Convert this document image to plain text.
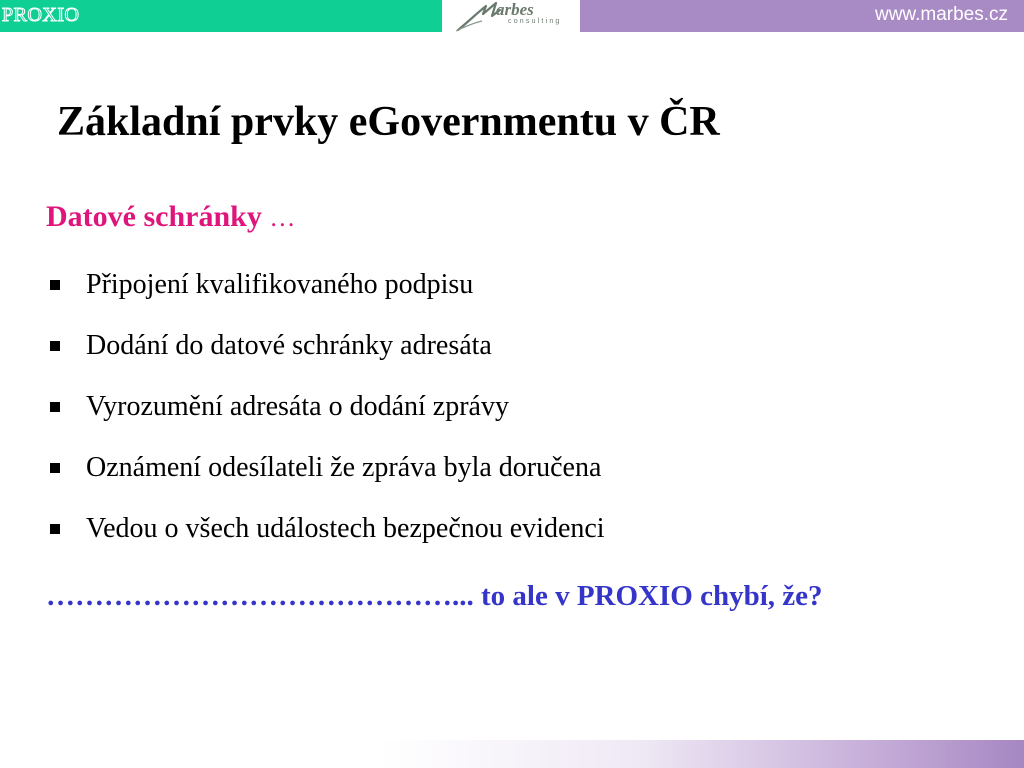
PROXIO	arbes
consulting	www.marbes.cz
Základní prvky eGovernmentu v ČR
Datové schránky …
Připojení kvalifikovaného podpisu
Dodání do datové schránky adresáta
Vyrozumění adresáta o dodání zprávy
Oznámení odesílateli že zpráva byla doručena
Vedou o všech událostech bezpečnou evidenci
……………………………………... to ale v PROXIO chybí, že?
